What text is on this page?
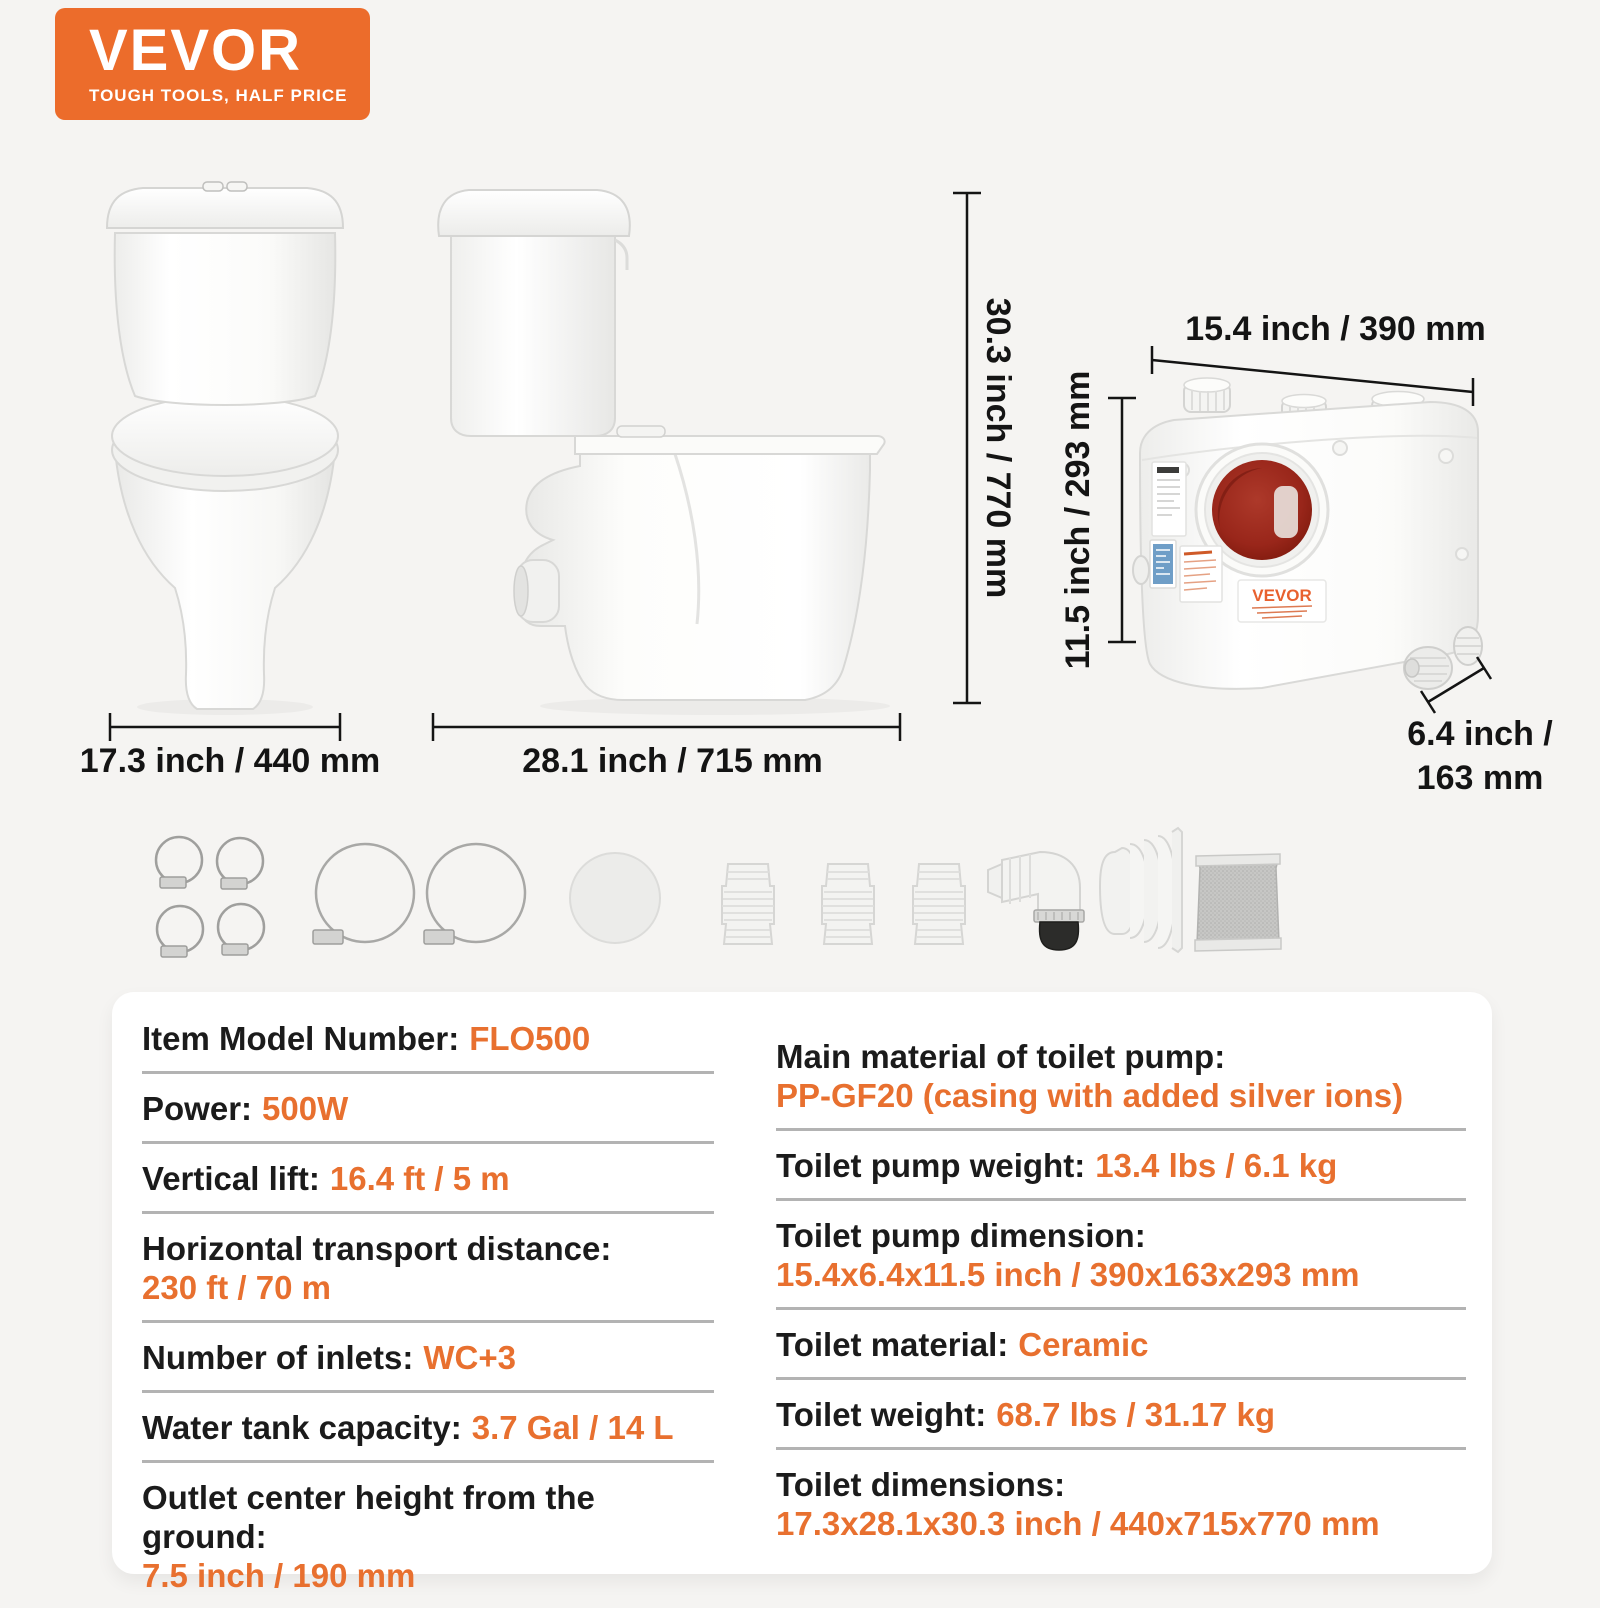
VEVOR
TOUGH TOOLS, HALF PRICE
VEVOR
17.3 inch / 440 mm	28.1 inch / 715 mm
30.3 inch / 770 mm	15.4 inch / 390 mm
11.5 inch / 293 mm
6.4 inch /
163 mm
Item Model Number: FLO500
Power: 500W
Vertical lift: 16.4 ft / 5 m
Horizontal transport distance:
230 ft / 70 m
Number of inlets: WC+3
Water tank capacity: 3.7 Gal / 14 L
Outlet center height from the ground:
7.5 inch / 190 mm
Main material of toilet pump:
PP-GF20 (casing with added silver ions)
Toilet pump weight: 13.4 lbs / 6.1 kg
Toilet pump dimension:
15.4x6.4x11.5 inch / 390x163x293 mm
Toilet material: Ceramic
Toilet weight: 68.7 lbs / 31.17 kg
Toilet dimensions:
17.3x28.1x30.3 inch / 440x715x770 mm
